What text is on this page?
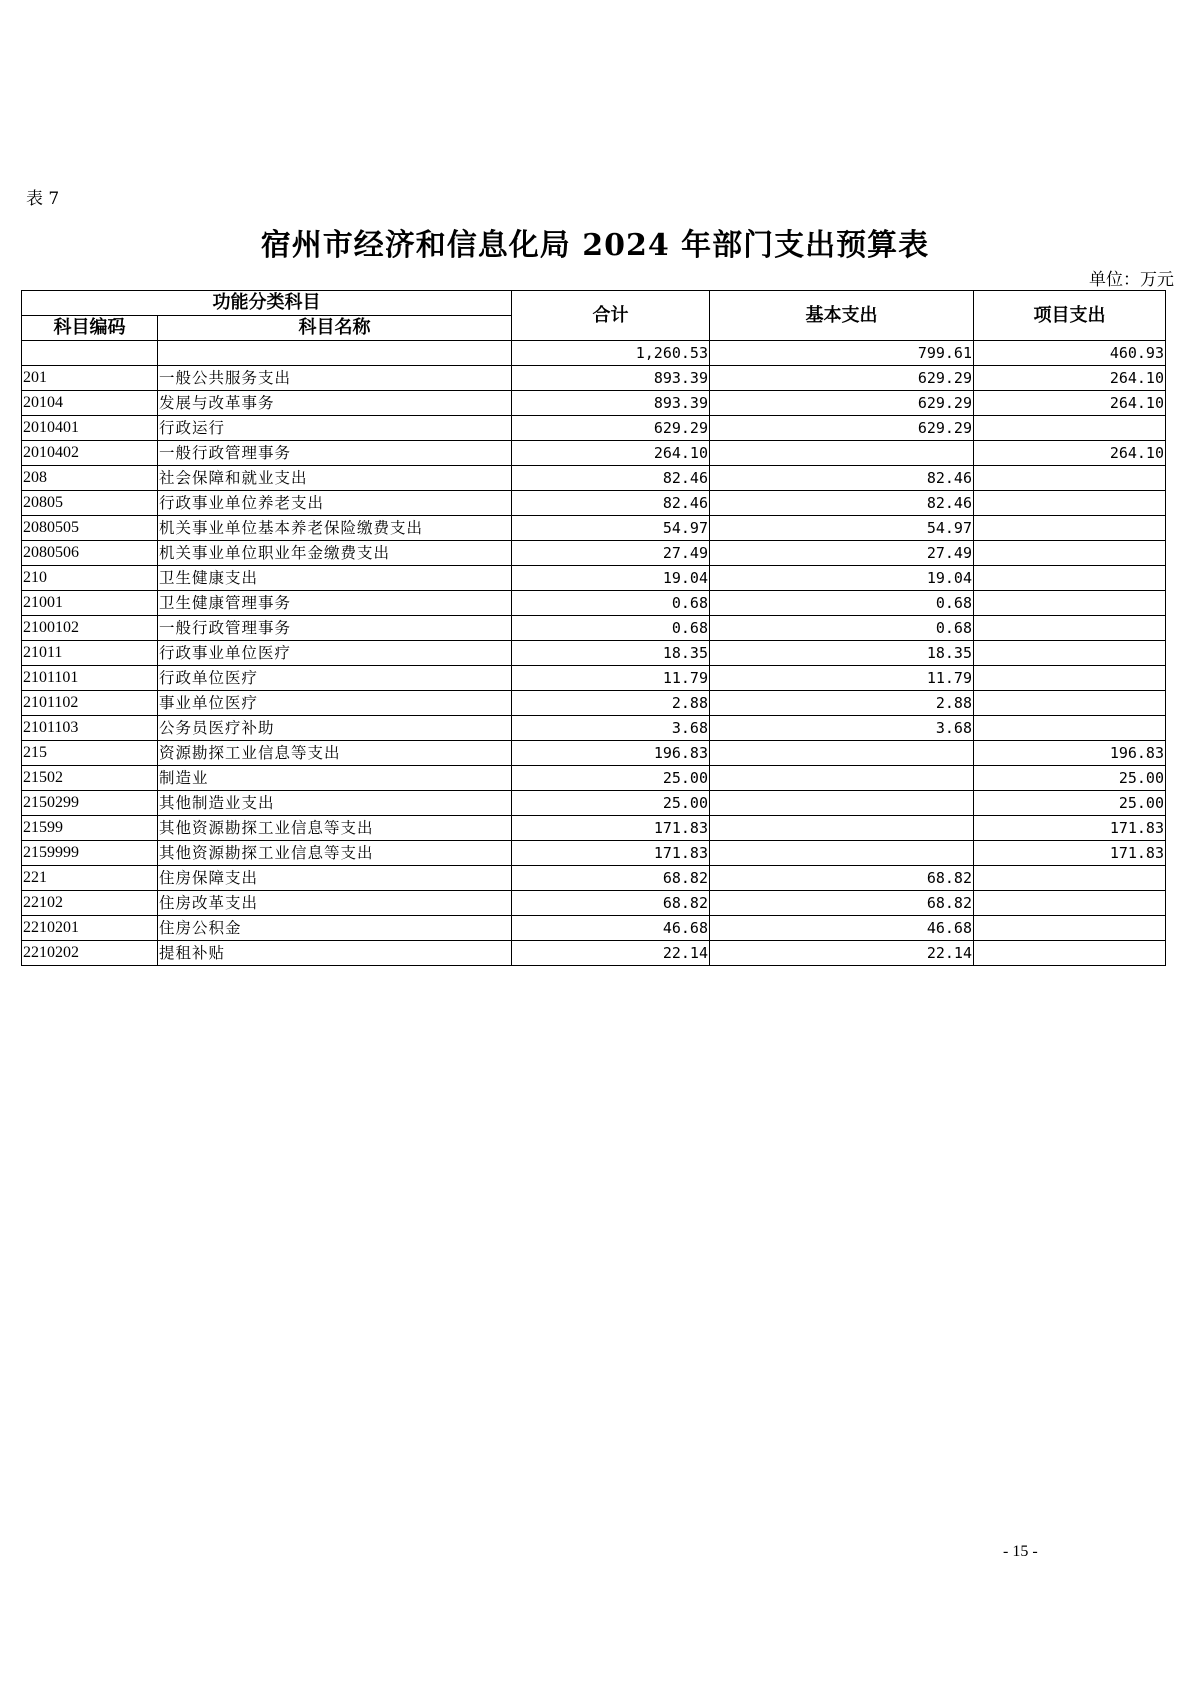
表 7
宿州市经济和信息化局 2024 年部门支出预算表
单位：万元
功能分类科目		合计	基本支出	项目支出
科目编码	科目名称			
		1,260.53	799.61	460.93
201	一般公共服务支出	893.39	629.29	264.10
20104	发展与改革事务	893.39	629.29	264.10
2010401	行政运行	629.29	629.29	
2010402	一般行政管理事务	264.10		264.10
208	社会保障和就业支出	82.46	82.46	
20805	行政事业单位养老支出	82.46	82.46	
2080505	机关事业单位基本养老保险缴费支出	54.97	54.97	
2080506	机关事业单位职业年金缴费支出	27.49	27.49	
210	卫生健康支出	19.04	19.04	
21001	卫生健康管理事务	0.68	0.68	
2100102	一般行政管理事务	0.68	0.68	
21011	行政事业单位医疗	18.35	18.35	
2101101	行政单位医疗	11.79	11.79	
2101102	事业单位医疗	2.88	2.88	
2101103	公务员医疗补助	3.68	3.68	
215	资源勘探工业信息等支出	196.83		196.83
21502	制造业	25.00		25.00
2150299	其他制造业支出	25.00		25.00
21599	其他资源勘探工业信息等支出	171.83		171.83
2159999	其他资源勘探工业信息等支出	171.83		171.83
221	住房保障支出	68.82	68.82	
22102	住房改革支出	68.82	68.82	
2210201	住房公积金	46.68	46.68	
2210202	提租补贴	22.14	22.14	
- 15 -
